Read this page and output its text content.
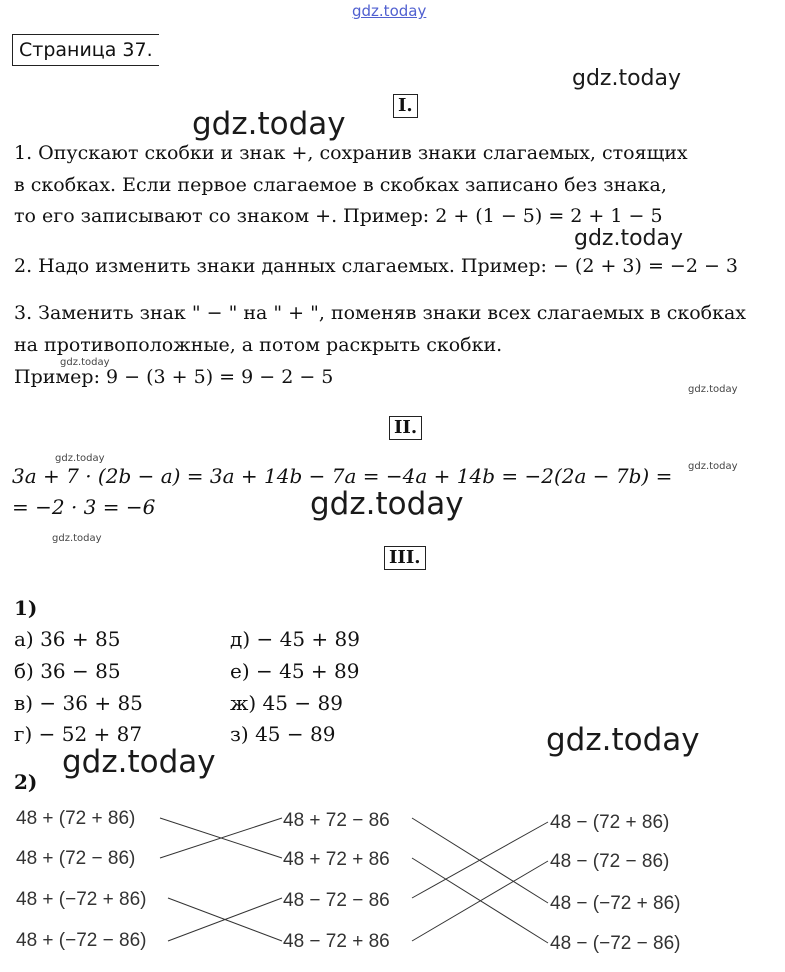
gdz.today
gdz.today
gdz.today
gdz.today
gdz.today
gdz.today
gdz.today
gdz.today
gdz.today
gdz.today
gdz.today
gdz.today
Страница 37.
I.
1. Опускают скобки и знак +, сохранив знаки слагаемых, стоящих
в скобках. Если первое слагаемое в скобках записано без знака,
то его записывают со знаком +. Пример: 2 + (1 − 5) = 2 + 1 − 5
2. Надо изменить знаки данных слагаемых. Пример: − (2 + 3) = −2 − 3
3. Заменить знак " − " на " + ", поменяв знаки всех слагаемых в скобках
на противоположные, а потом раскрыть скобки.
Пример: 9 − (3 + 5) = 9 − 2 − 5
II.
3a + 7 · (2b − a) = 3a + 14b − 7a = −4a + 14b = −2(2a − 7b) =
= −2 · 3 = −6
III.
1)
а) 36 + 85
б) 36 − 85
в) − 36 + 85
г) − 52 + 87
д) − 45 + 89
е) − 45 + 89
ж) 45 − 89
з) 45 − 89
2)
48 + (72 + 86)
48 + (72 − 86)
48 + (−72 + 86)
48 + (−72 − 86)
48 + 72 − 86
48 + 72 + 86
48 − 72 − 86
48 − 72 + 86
48 − (72 + 86)
48 − (72 − 86)
48 − (−72 + 86)
48 − (−72 − 86)
